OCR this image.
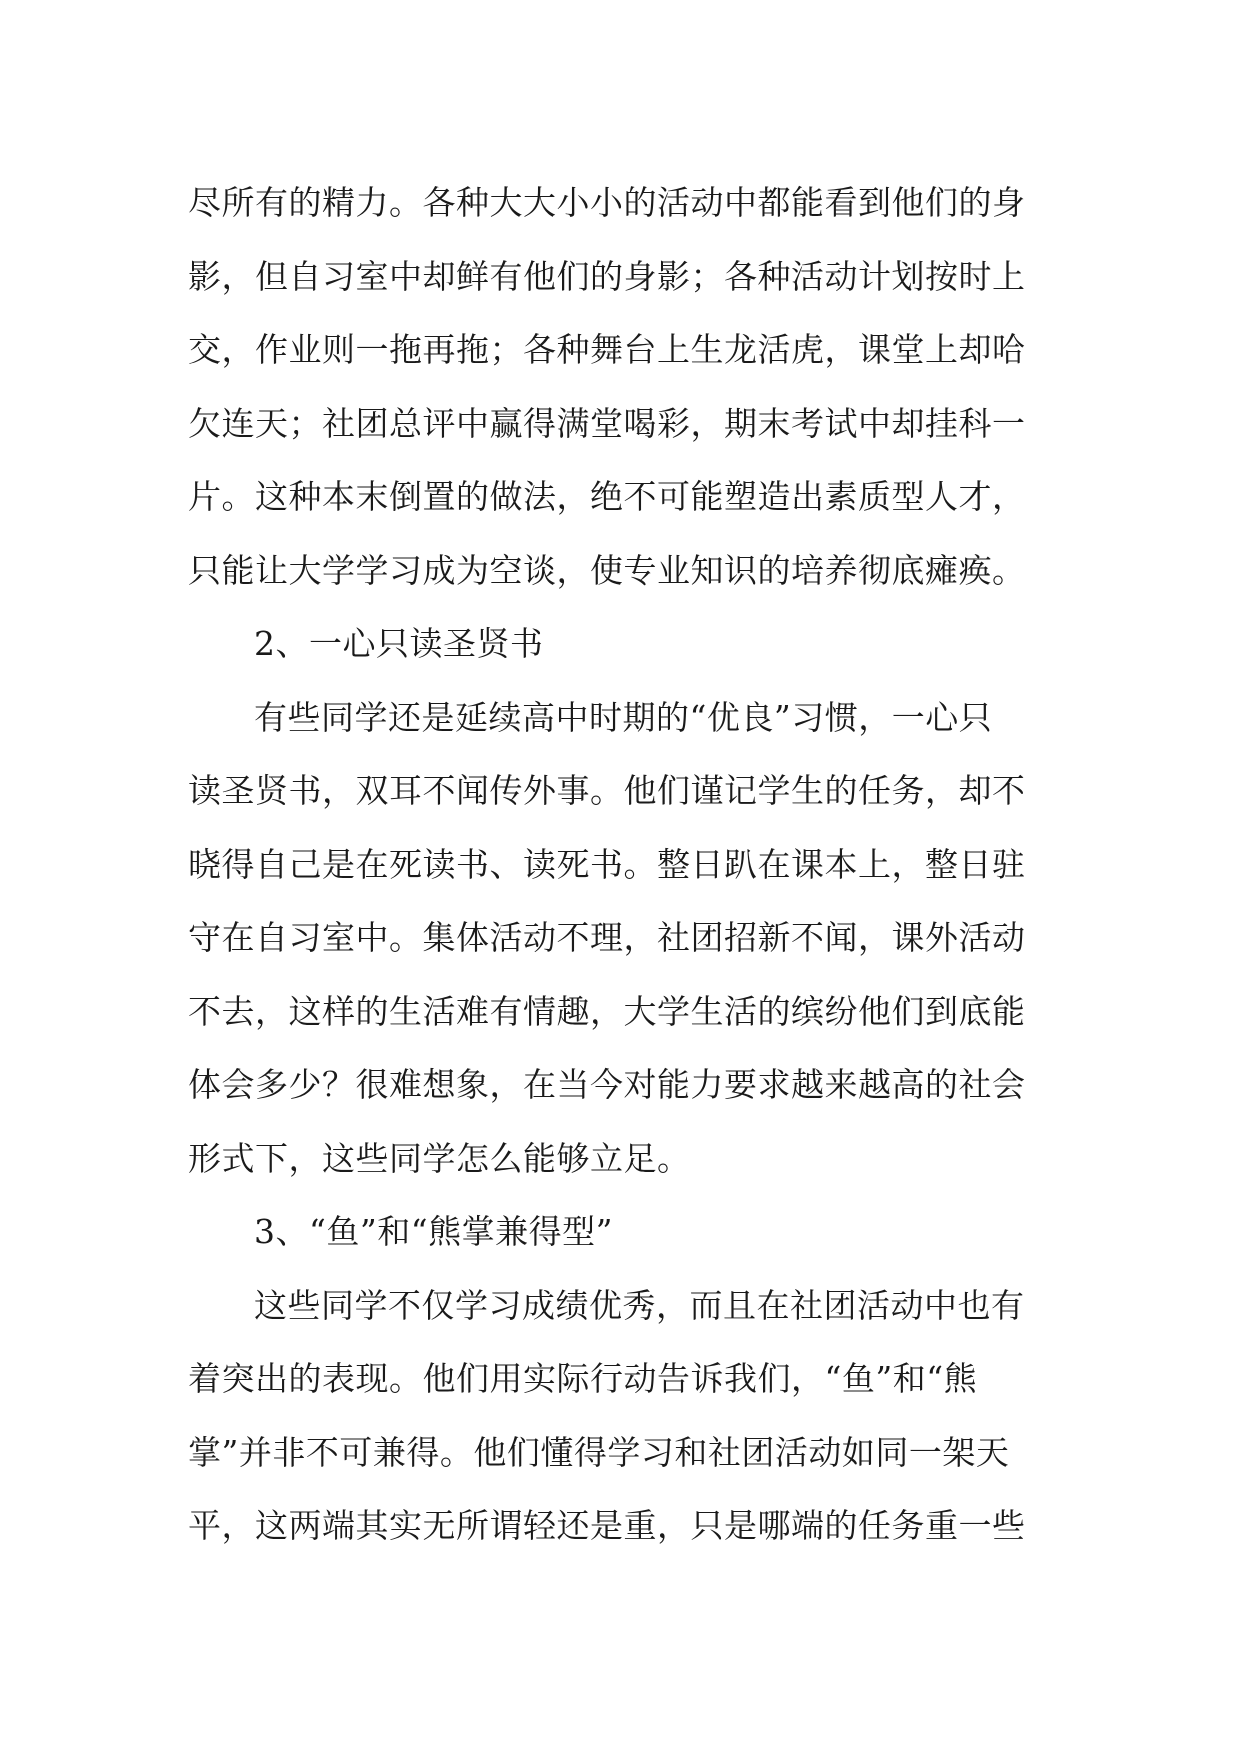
尽所有的精力。各种大大小小的活动中都能看到他们的身
影，但自习室中却鲜有他们的身影；各种活动计划按时上
交，作业则一拖再拖；各种舞台上生龙活虎，课堂上却哈
欠连天；社团总评中赢得满堂喝彩，期末考试中却挂科一
片。这种本末倒置的做法，绝不可能塑造出素质型人才，
只能让大学学习成为空谈，使专业知识的培养彻底瘫痪。
2、一心只读圣贤书
有些同学还是延续高中时期的“优良”习惯，一心只
读圣贤书，双耳不闻传外事。他们谨记学生的任务，却不
晓得自己是在死读书、读死书。整日趴在课本上，整日驻
守在自习室中。集体活动不理，社团招新不闻，课外活动
不去，这样的生活难有情趣，大学生活的缤纷他们到底能
体会多少？很难想象，在当今对能力要求越来越高的社会
形式下，这些同学怎么能够立足。
3、“鱼”和“熊掌兼得型”
这些同学不仅学习成绩优秀，而且在社团活动中也有
着突出的表现。他们用实际行动告诉我们，“鱼”和“熊
掌”并非不可兼得。他们懂得学习和社团活动如同一架天
平，这两端其实无所谓轻还是重，只是哪端的任务重一些
